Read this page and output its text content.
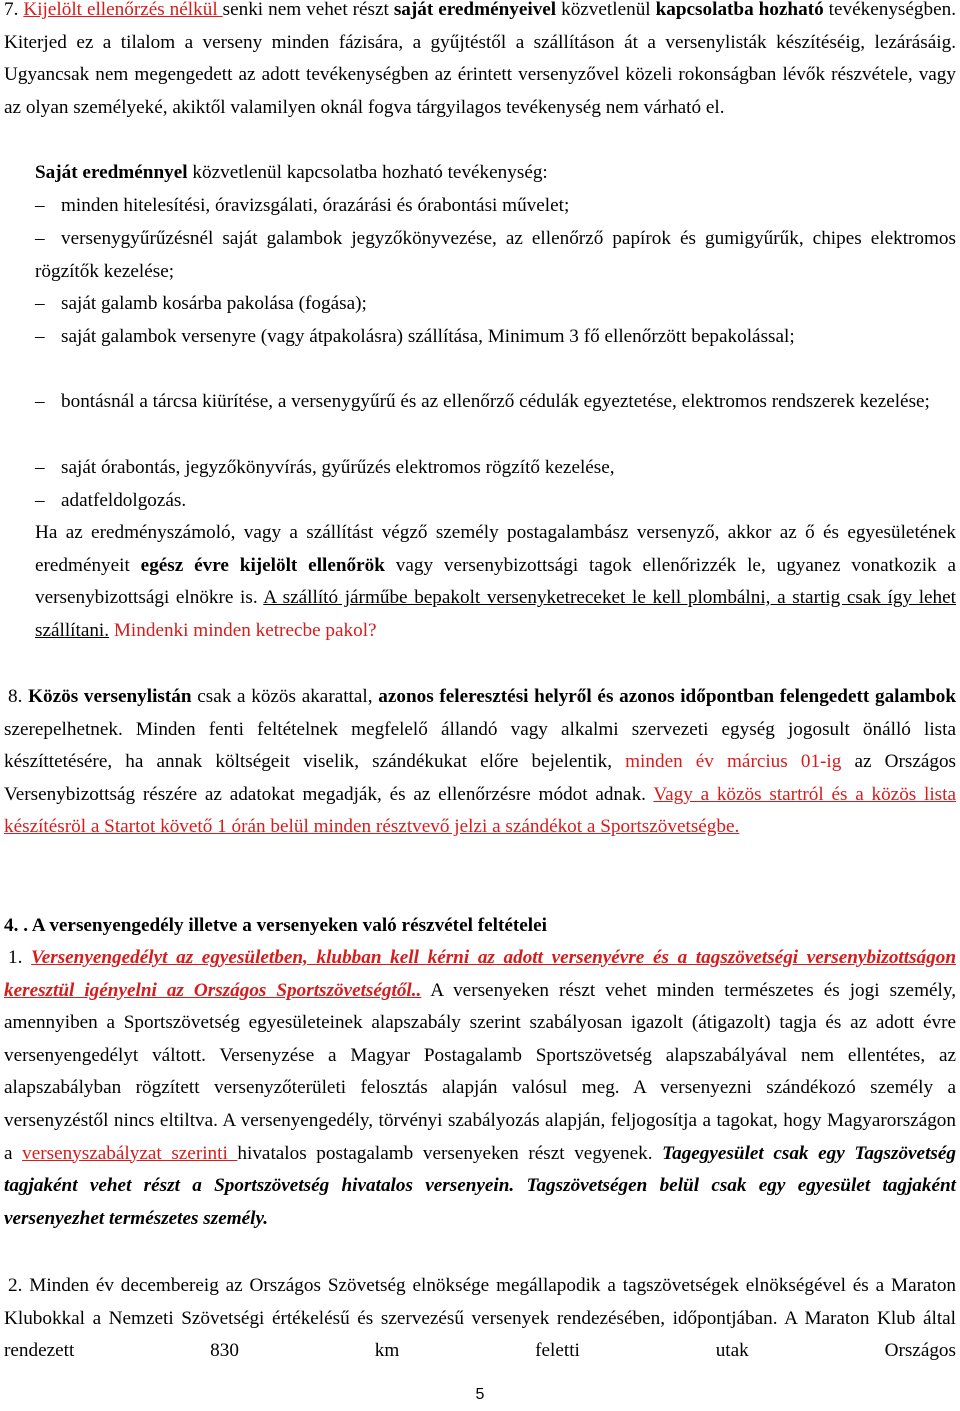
7. Kijelölt ellenőrzés nélkül senki nem vehet részt saját eredményeivel közvetlenül kapcsolatba hozható tevékenységben. Kiterjed ez a tilalom a verseny minden fázisára, a gyűjtéstől a szállításon át a versenylisták készítéséig, lezárásáig. Ugyancsak nem megengedett az adott tevékenységben az érintett versenyzővel közeli rokonságban lévők részvétele, vagy az olyan személyeké, akiktől valamilyen oknál fogva tárgyilagos tevékenység nem várható el.

Saját eredménnyel közvetlenül kapcsolatba hozható tevékenység:

– minden hitelesítési, óravizsgálati, órazárási és órabontási művelet;

– versenygyűrűzésnél saját galambok jegyzőkönyvezése, az ellenőrző papírok és gumigyűrűk, chipes elektromos rögzítők kezelése;

– saját galamb kosárba pakolása (fogása);

– saját galambok versenyre (vagy átpakolásra) szállítása, Minimum 3 fő ellenőrzött bepakolással;

– bontásnál a tárcsa kiürítése, a versenygyűrű és az ellenőrző cédulák egyeztetése, elektromos rendszerek kezelése;

– saját órabontás, jegyzőkönyvírás, gyűrűzés elektromos rögzítő kezelése,

– adatfeldolgozás.

Ha az eredményszámoló, vagy a szállítást végző személy postagalambász versenyző, akkor az ő és egyesületének eredményeit egész évre kijelölt ellenőrök vagy versenybizottsági tagok ellenőrizzék le, ugyanez vonatkozik a versenybizottsági elnökre is. A szállító járműbe bepakolt versenyketreceket le kell plombálni, a startig csak így lehet szállítani. Mindenki minden ketrecbe pakol?

8. Közös versenylistán csak a közös akarattal, azonos feleresztési helyről és azonos időpontban felengedett galambok szerepelhetnek. Minden fenti feltételnek megfelelő állandó vagy alkalmi szervezeti egység jogosult önálló lista készíttetésére, ha annak költségeit viselik, szándékukat előre bejelentik, minden év március 01-ig az Országos Versenybizottság részére az adatokat megadják, és az ellenőrzésre módot adnak. Vagy a közös startról és a közös lista készítésröl a Startot követő 1 órán belül minden résztvevő jelzi a szándékot a Sportszövetségbe.

4. . A versenyengedély illetve a versenyeken való részvétel feltételei

1. Versenyengedélyt az egyesületben, klubban kell kérni az adott versenyévre és a tagszövetségi versenybizottságon keresztül igényelni az Országos Sportszövetségtől.. A versenyeken részt vehet minden természetes és jogi személy, amennyiben a Sportszövetség egyesületeinek alapszabály szerint szabályosan igazolt (átigazolt) tagja és az adott évre versenyengedélyt váltott. Versenyzése a Magyar Postagalamb Sportszövetség alapszabályával nem ellentétes, az alapszabályban rögzített versenyzőterületi felosztás alapján valósul meg. A versenyezni szándékozó személy a versenyzéstől nincs eltiltva. A versenyengedély, törvényi szabályozás alapján, feljogosítja a tagokat, hogy Magyarországon a versenyszabályzat szerinti hivatalos postagalamb versenyeken részt vegyenek. Tagegyesület csak egy Tagszövetség tagjaként vehet részt a Sportszövetség hivatalos versenyein. Tagszövetségen belül csak egy egyesület tagjaként versenyezhet természetes személy.

2. Minden év decembereig az Országos Szövetség elnöksége megállapodik a tagszövetségek elnökségével és a Maraton Klubokkal a Nemzeti Szövetségi értékelésű és szervezésű versenyek rendezésében, időpontjában. A Maraton Klub által rendezett 830 km feletti utak Országos

5
